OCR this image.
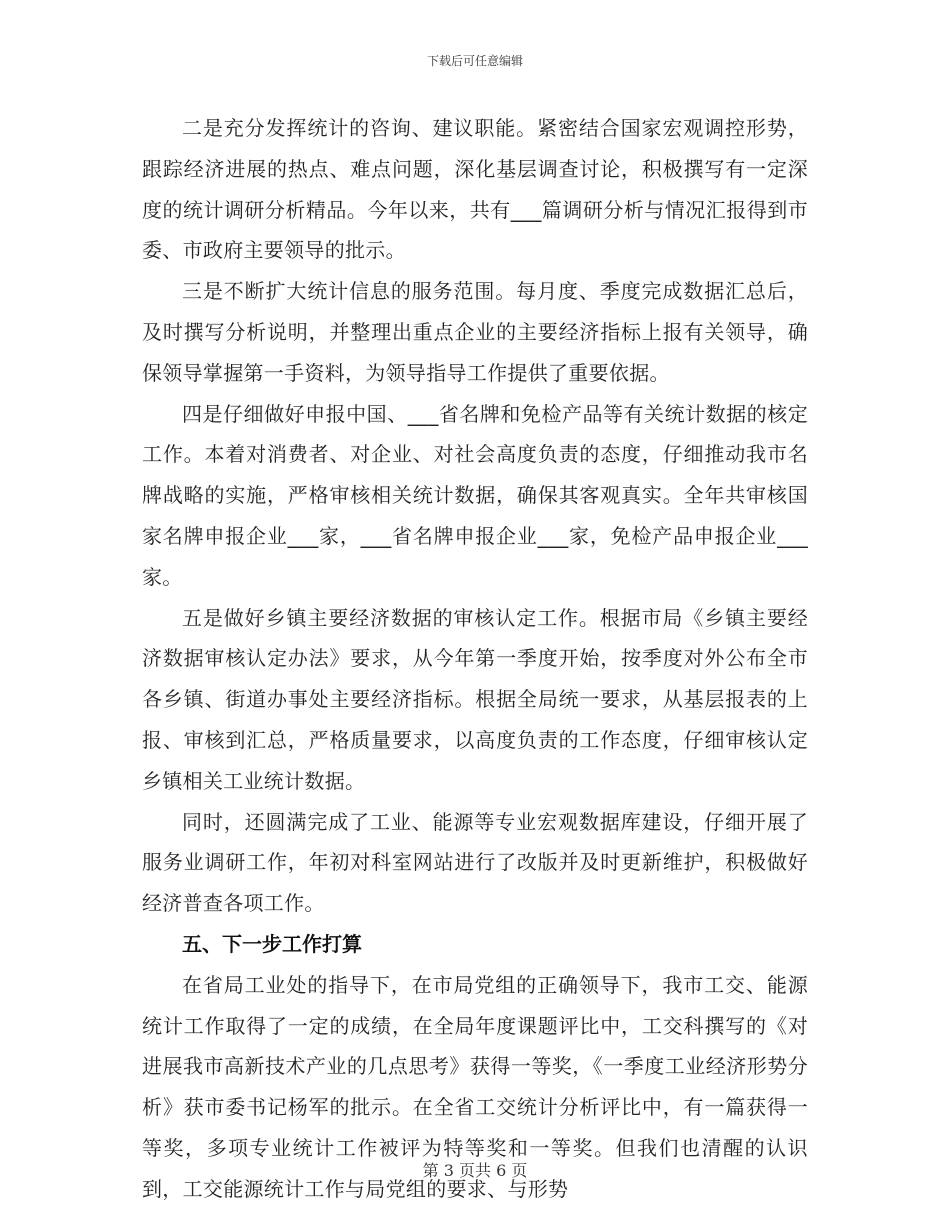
下载后可任意编辑

二是充分发挥统计的咨询、建议职能。紧密结合国家宏观调控形势，跟踪经济进展的热点、难点问题，深化基层调查讨论，积极撰写有一定深度的统计调研分析精品。今年以来，共有___篇调研分析与情况汇报得到市委、市政府主要领导的批示。

三是不断扩大统计信息的服务范围。每月度、季度完成数据汇总后，及时撰写分析说明，并整理出重点企业的主要经济指标上报有关领导，确保领导掌握第一手资料，为领导指导工作提供了重要依据。

四是仔细做好申报中国、___省名牌和免检产品等有关统计数据的核定工作。本着对消费者、对企业、对社会高度负责的态度，仔细推动我市名牌战略的实施，严格审核相关统计数据，确保其客观真实。全年共审核国家名牌申报企业___家，___省名牌申报企业___家，免检产品申报企业___家。

五是做好乡镇主要经济数据的审核认定工作。根据市局《乡镇主要经济数据审核认定办法》要求，从今年第一季度开始，按季度对外公布全市各乡镇、街道办事处主要经济指标。根据全局统一要求，从基层报表的上报、审核到汇总，严格质量要求，以高度负责的工作态度，仔细审核认定乡镇相关工业统计数据。

同时，还圆满完成了工业、能源等专业宏观数据库建设，仔细开展了服务业调研工作，年初对科室网站进行了改版并及时更新维护，积极做好经济普查各项工作。

五、下一步工作打算

在省局工业处的指导下，在市局党组的正确领导下，我市工交、能源统计工作取得了一定的成绩，在全局年度课题评比中，工交科撰写的《对进展我市高新技术产业的几点思考》获得一等奖，《一季度工业经济形势分析》获市委书记杨军的批示。在全省工交统计分析评比中，有一篇获得一等奖，多项专业统计工作被评为特等奖和一等奖。但我们也清醒的认识到，工交能源统计工作与局党组的要求、与形势

第 3 页共 6 页
